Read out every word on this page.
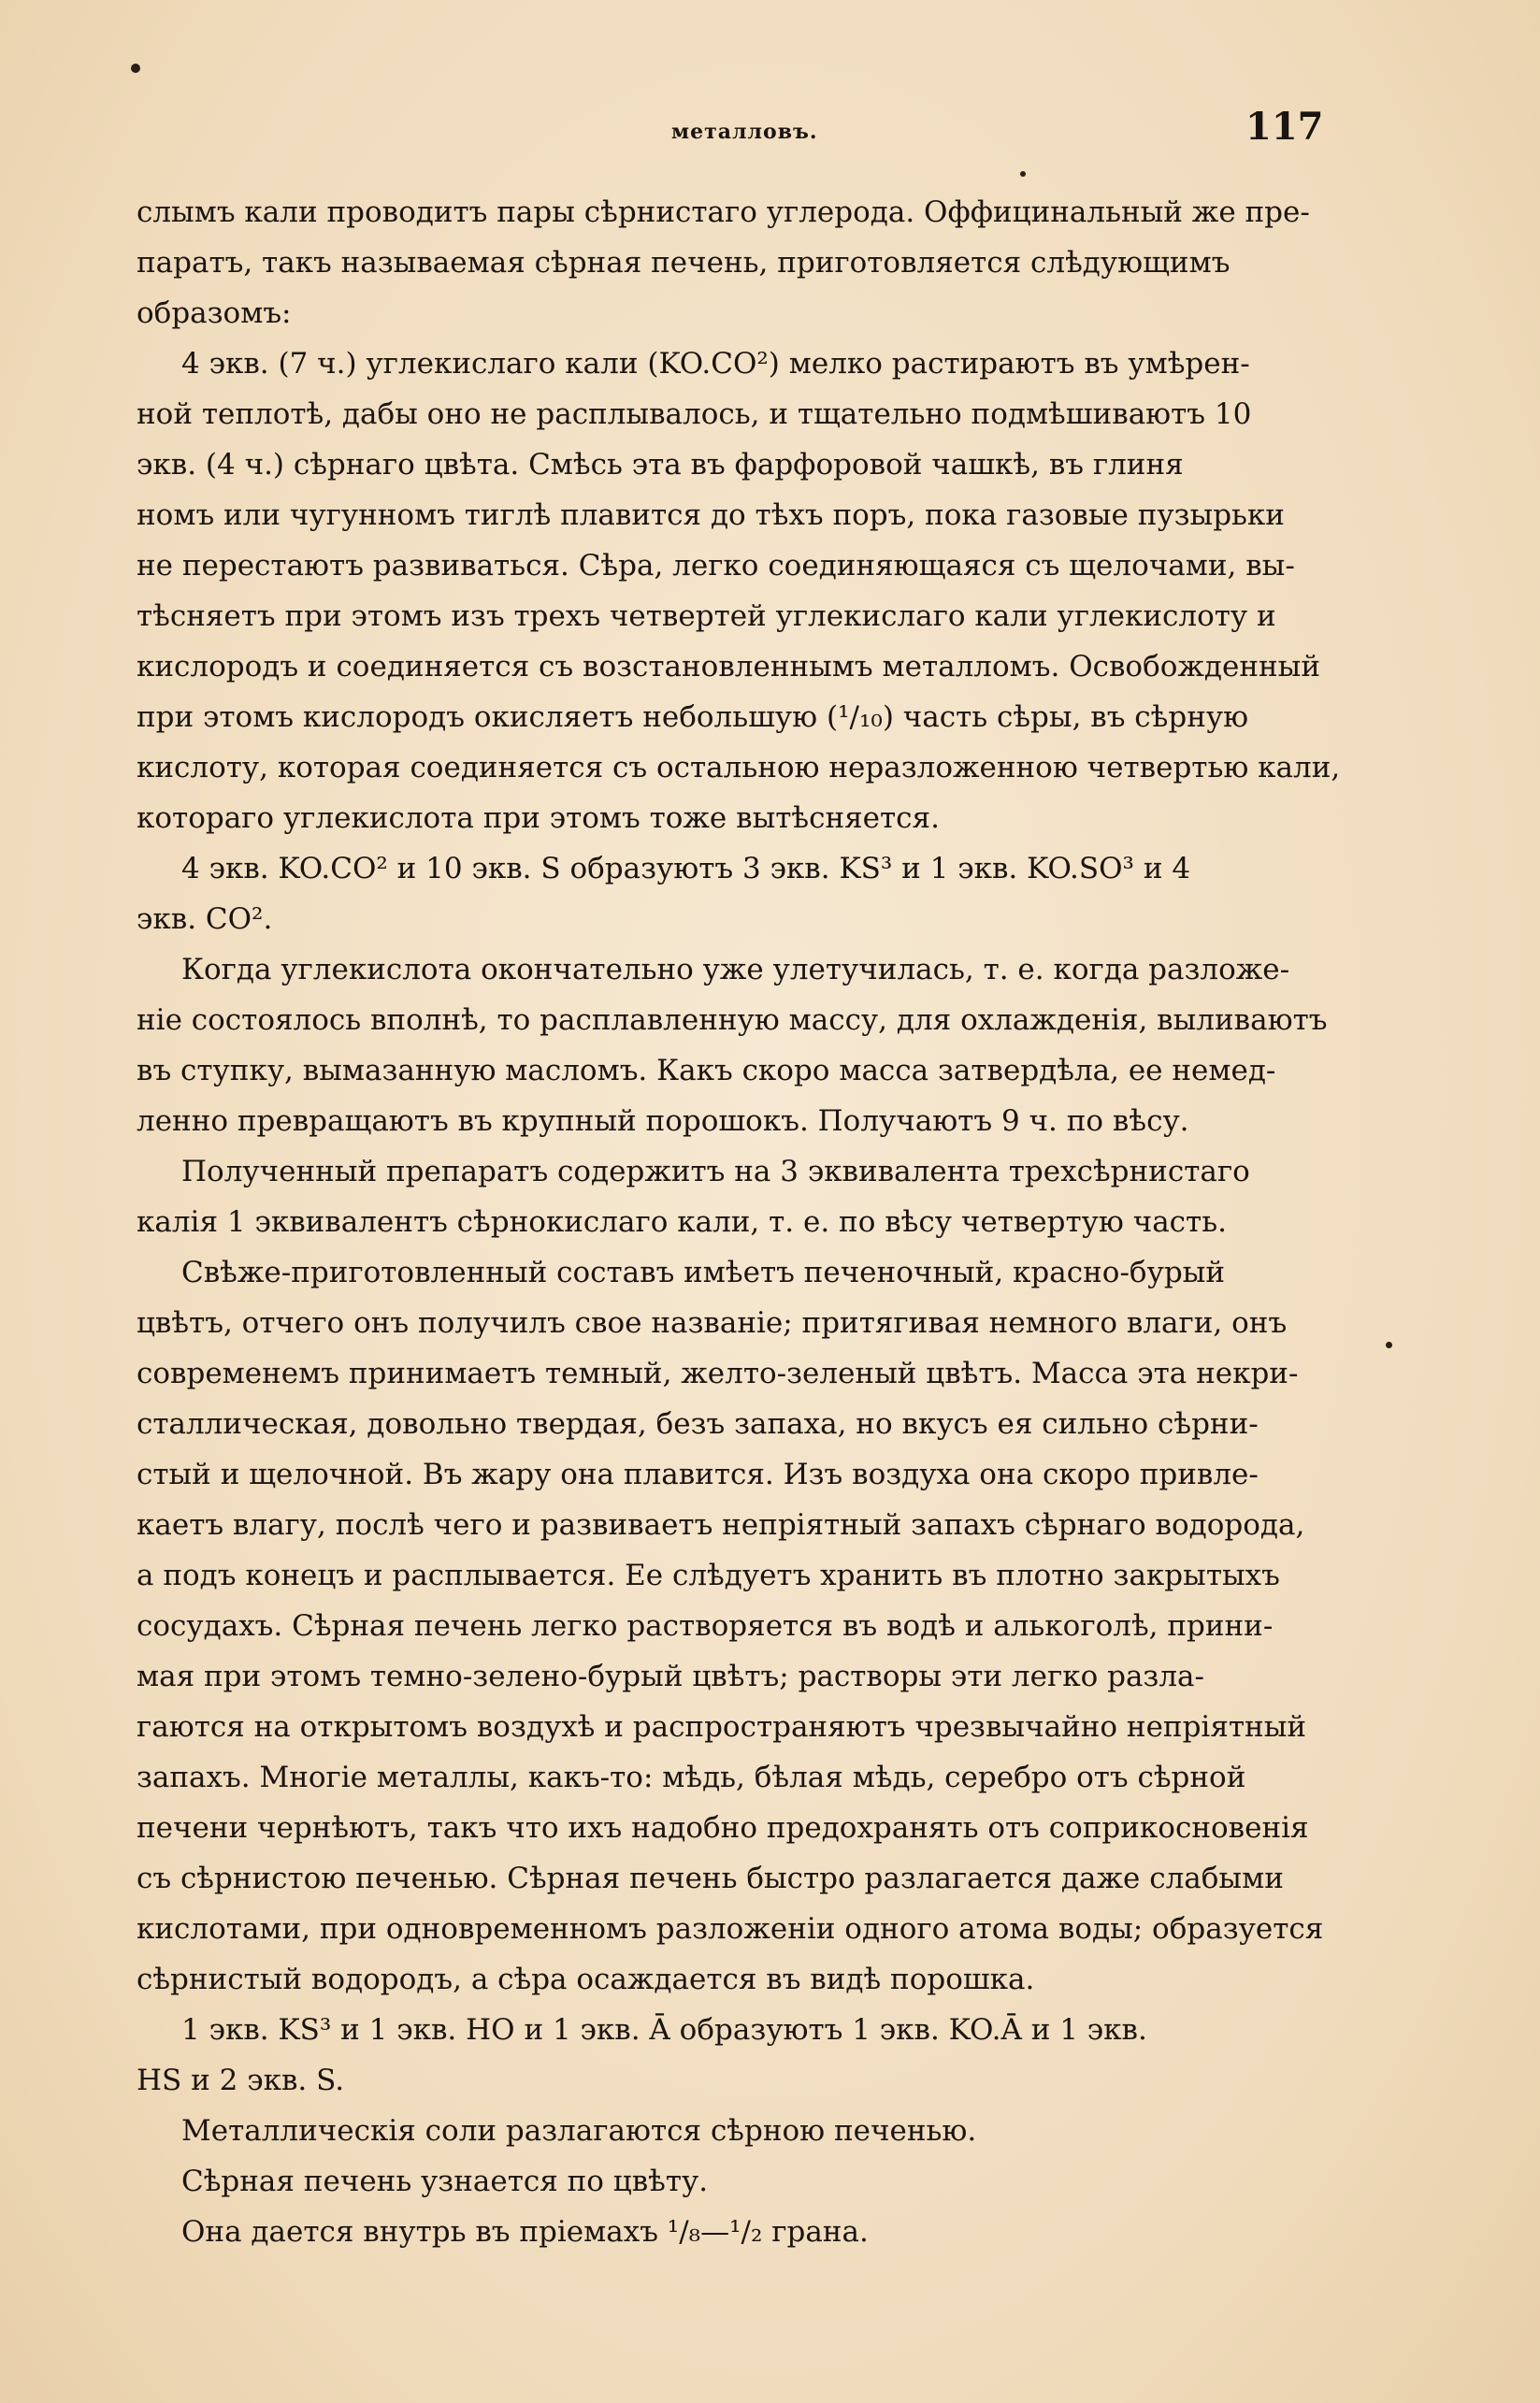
металловъ.	117

слымъ кали проводитъ пары сѣрнистаго углерода. Оффицинальный же пре-
паратъ, такъ называемая сѣрная печень, приготовляется слѣдующимъ
образомъ:

4 экв. (7 ч.) углекислаго кали (KO.CO²) мелко растираютъ въ умѣрен-
ной теплотѣ, дабы оно не расплывалось, и тщательно подмѣшиваютъ 10
экв. (4 ч.) сѣрнаго цвѣта. Смѣсь эта въ фарфоровой чашкѣ, въ глиня
номъ или чугунномъ тиглѣ плавится до тѣхъ поръ, пока газовые пузырьки
не перестаютъ развиваться. Сѣра, легко соединяющаяся съ щелочами, вы-
тѣсняетъ при этомъ изъ трехъ четвертей углекислаго кали углекислоту и
кислородъ и соединяется съ возстановленнымъ металломъ. Освобожденный
при этомъ кислородъ окисляетъ небольшую (¹/₁₀) часть сѣры, въ сѣрную
кислоту, которая соединяется съ остальною неразложенною четвертью кали,
котораго углекислота при этомъ тоже вытѣсняется.

4 экв. KO.CO² и 10 экв. S образуютъ 3 экв. KS³ и 1 экв. KO.SO³ и 4
экв. CO².

Когда углекислота окончательно уже улетучилась, т. е. когда разложе-
ніе состоялось вполнѣ, то расплавленную массу, для охлажденія, выливаютъ
въ ступку, вымазанную масломъ. Какъ скоро масса затвердѣла, ее немед-
ленно превращаютъ въ крупный порошокъ. Получаютъ 9 ч. по вѣсу.

Полученный препаратъ содержитъ на 3 эквивалента трехсѣрнистаго
калія 1 эквивалентъ сѣрнокислаго кали, т. е. по вѣсу четвертую часть.

Свѣже-приготовленный составъ имѣетъ печеночный, красно-бурый
цвѣтъ, отчего онъ получилъ свое названіе; притягивая немного влаги, онъ
современемъ принимаетъ темный, желто-зеленый цвѣтъ. Масса эта некри-
сталлическая, довольно твердая, безъ запаха, но вкусъ ея сильно сѣрни-
стый и щелочной. Въ жару она плавится. Изъ воздуха она скоро привле-
каетъ влагу, послѣ чего и развиваетъ непріятный запахъ сѣрнаго водорода,
а подъ конецъ и расплывается. Ее слѣдуетъ хранить въ плотно закрытыхъ
сосудахъ. Сѣрная печень легко растворяется въ водѣ и алькоголѣ, прини-
мая при этомъ темно-зелено-бурый цвѣтъ; растворы эти легко разла-
гаются на открытомъ воздухѣ и распространяютъ чрезвычайно непріятный
запахъ. Многіе металлы, какъ-то: мѣдь, бѣлая мѣдь, серебро отъ сѣрной
печени чернѣютъ, такъ что ихъ надобно предохранять отъ соприкосновенія
съ сѣрнистою печенью. Сѣрная печень быстро разлагается даже слабыми
кислотами, при одновременномъ разложеніи одного атома воды; образуется
сѣрнистый водородъ, а сѣра осаждается въ видѣ порошка.

1 экв. KS³ и 1 экв. HO и 1 экв. Ā образуютъ 1 экв. KO.Ā и 1 экв.
HS и 2 экв. S.

Металлическія соли разлагаются сѣрною печенью.

Сѣрная печень узнается по цвѣту.

Она дается внутрь въ пріемахъ ¹/₈—¹/₂ грана.
